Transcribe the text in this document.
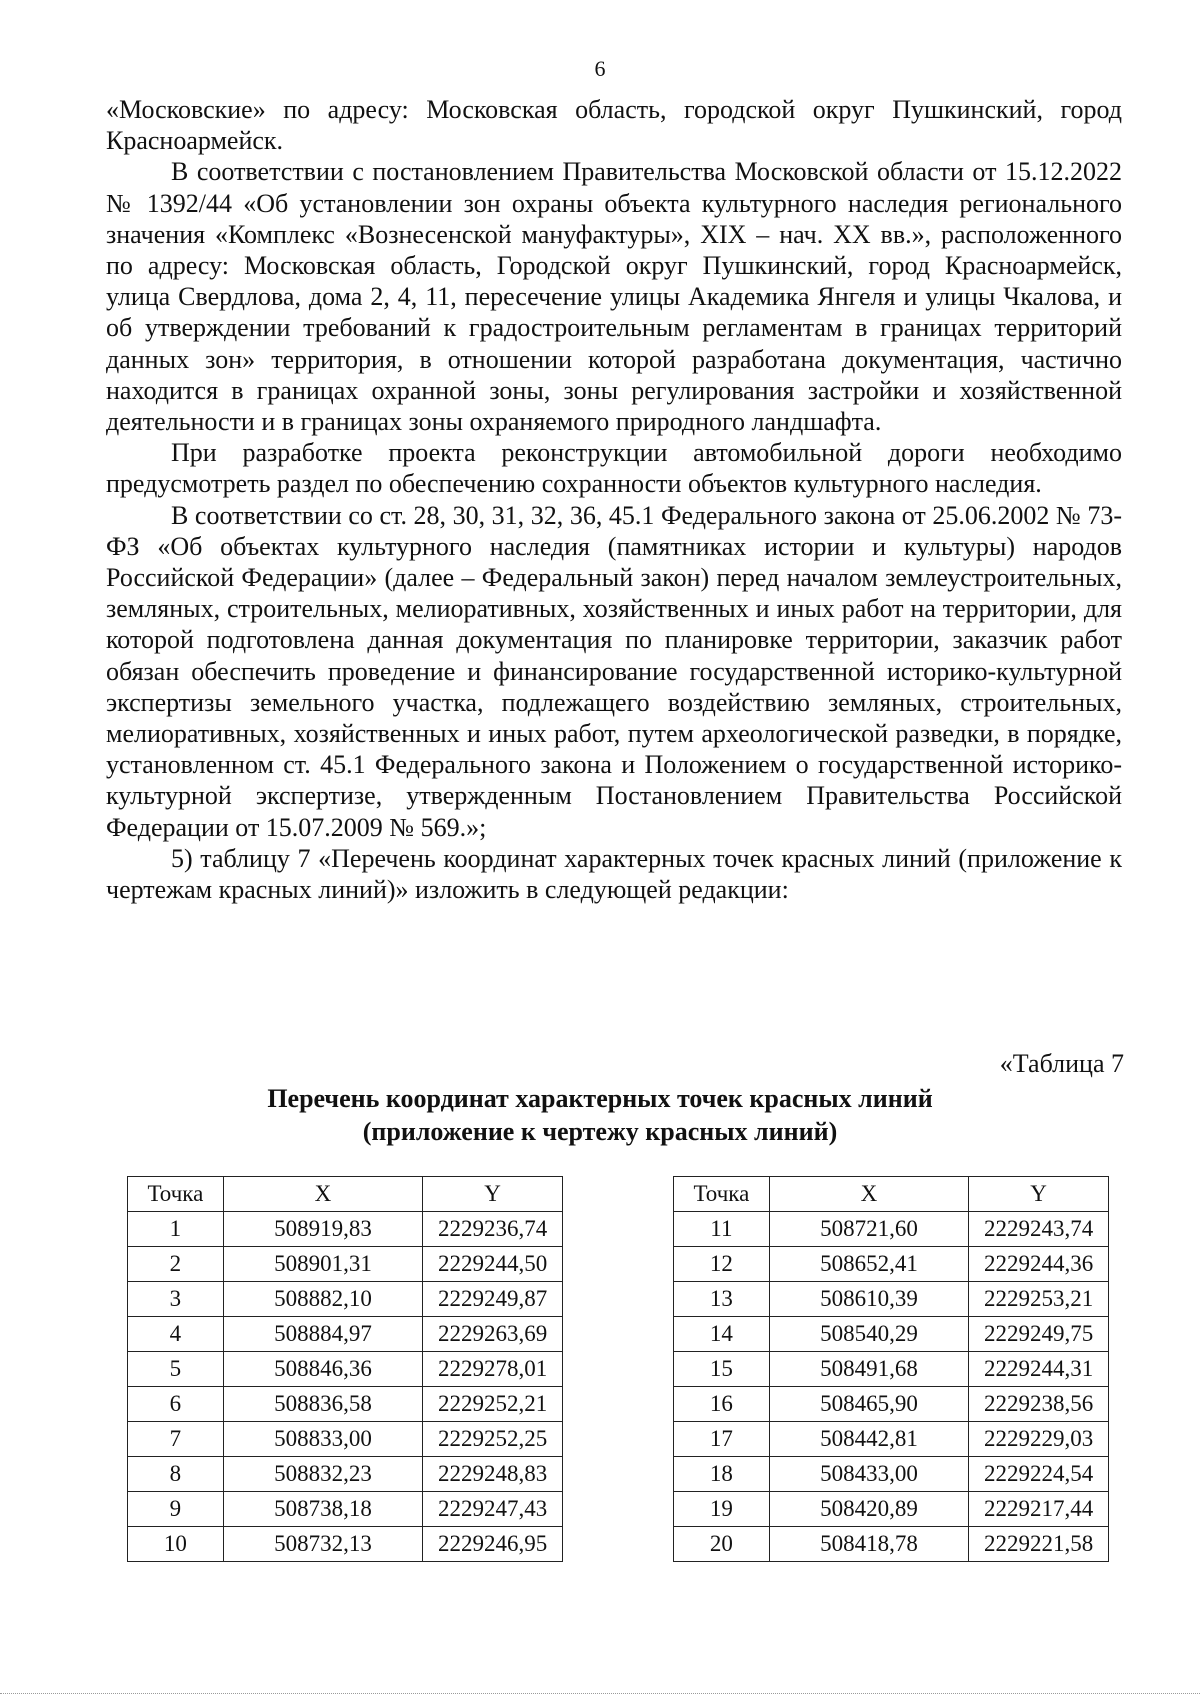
6

«Московские» по адресу: Московская область, городской округ Пушкинский, город Красноармейск.

В соответствии с постановлением Правительства Московской области от 15.12.2022 № 1392/44 «Об установлении зон охраны объекта культурного наследия регионального значения «Комплекс «Вознесенской мануфактуры», XIX – нач. XX вв.», расположенного по адресу: Московская область, Городской округ Пушкинский, город Красноармейск, улица Свердлова, дома 2, 4, 11, пересечение улицы Академика Янгеля и улицы Чкалова, и об утверждении требований к градостроительным регламентам в границах территорий данных зон» территория, в отношении которой разработана документация, частично находится в границах охранной зоны, зоны регулирования застройки и хозяйственной деятельности и в границах зоны охраняемого природного ландшафта.

При разработке проекта реконструкции автомобильной дороги необходимо предусмотреть раздел по обеспечению сохранности объектов культурного наследия.

В соответствии со ст. 28, 30, 31, 32, 36, 45.1 Федерального закона от 25.06.2002 № 73-ФЗ «Об объектах культурного наследия (памятниках истории и культуры) народов Российской Федерации» (далее – Федеральный закон) перед началом землеустроительных, земляных, строительных, мелиоративных, хозяйственных и иных работ на территории, для которой подготовлена данная документация по планировке территории, заказчик работ обязан обеспечить проведение и финансирование государственной историко-культурной экспертизы земельного участка, подлежащего воздействию земляных, строительных, мелиоративных, хозяйственных и иных работ, путем археологической разведки, в порядке, установленном ст. 45.1 Федерального закона и Положением о государственной историко-культурной экспертизе, утвержденным Постановлением Правительства Российской Федерации от 15.07.2009 № 569.»;

5) таблицу 7 «Перечень координат характерных точек красных линий (приложение к чертежам красных линий)» изложить в следующей редакции:

«Таблица 7
Перечень координат характерных точек красных линий
(приложение к чертежу красных линий)
Точка	X	Y
1	508919,83	2229236,74
2	508901,31	2229244,50
3	508882,10	2229249,87
4	508884,97	2229263,69
5	508846,36	2229278,01
6	508836,58	2229252,21
7	508833,00	2229252,25
8	508832,23	2229248,83
9	508738,18	2229247,43
10	508732,13	2229246,95
Точка	X	Y
11	508721,60	2229243,74
12	508652,41	2229244,36
13	508610,39	2229253,21
14	508540,29	2229249,75
15	508491,68	2229244,31
16	508465,90	2229238,56
17	508442,81	2229229,03
18	508433,00	2229224,54
19	508420,89	2229217,44
20	508418,78	2229221,58
